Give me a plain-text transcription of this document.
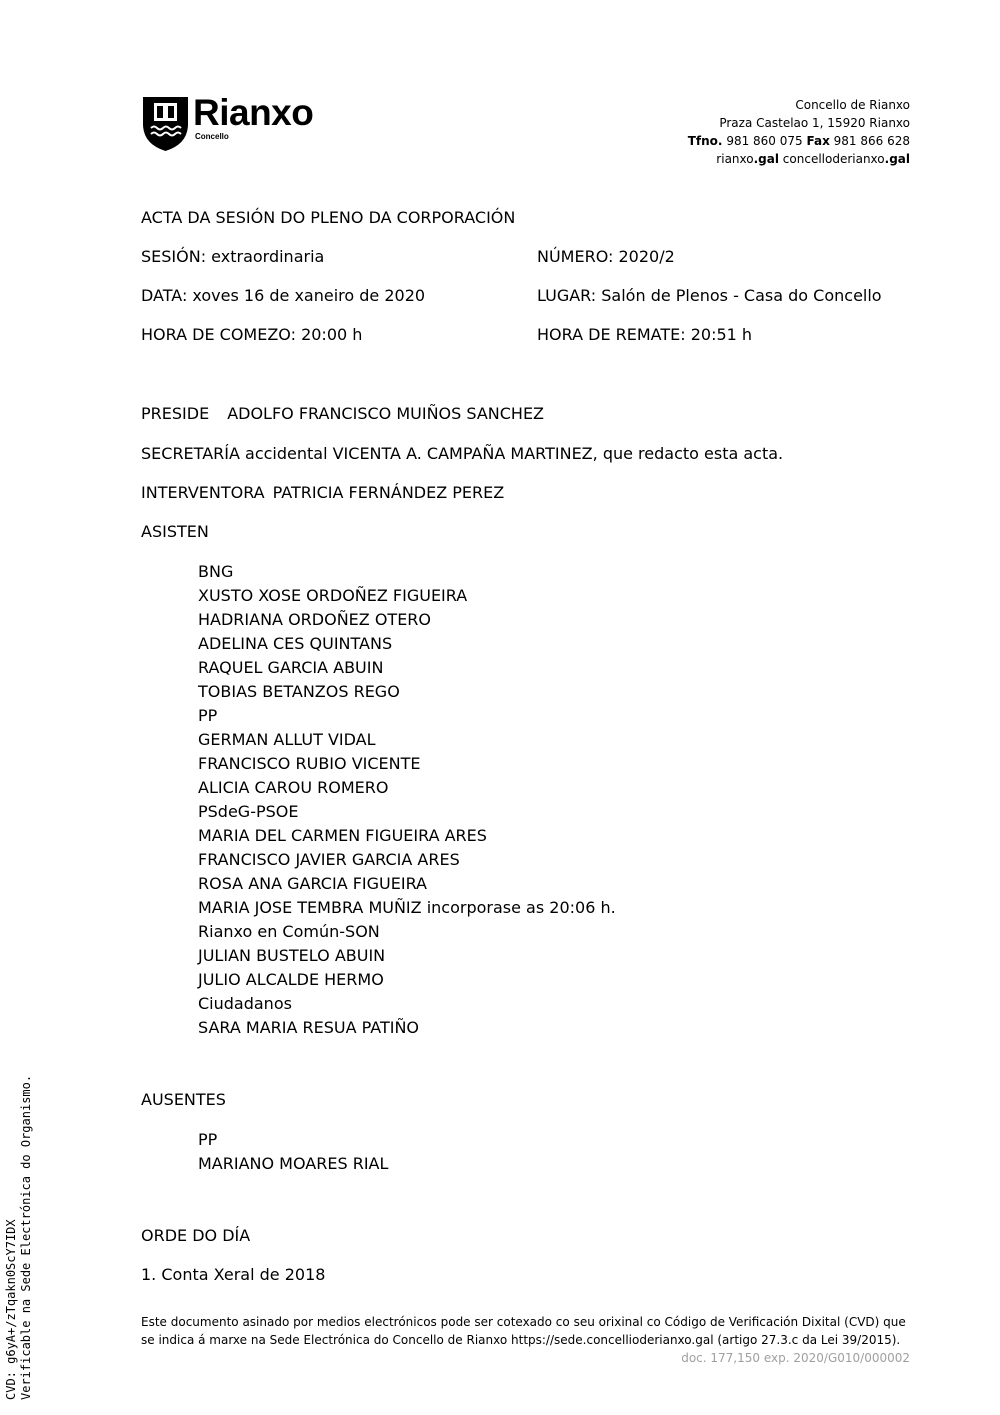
Rianxo
Concello
Concello de Rianxo
Praza Castelao 1, 15920 Rianxo
Tfno. 981 860 075 Fax 981 866 628
rianxo.gal concelloderianxo.gal
ACTA DA SESIÓN DO PLENO DA CORPORACIÓN
SESIÓN: extraordinaria	NÚMERO: 2020/2
DATA: xoves 16 de xaneiro de 2020	LUGAR: Salón de Plenos - Casa do Concello
HORA DE COMEZO: 20:00 h	HORA DE REMATE: 20:51 h
PRESIDE ADOLFO FRANCISCO MUIÑOS SANCHEZ
SECRETARÍA accidental VICENTA A. CAMPAÑA MARTINEZ, que redacto esta acta.
INTERVENTORA PATRICIA FERNÁNDEZ PEREZ
ASISTEN
BNG
XUSTO XOSE ORDOÑEZ FIGUEIRA
HADRIANA ORDOÑEZ OTERO
ADELINA CES QUINTANS
RAQUEL GARCIA ABUIN
TOBIAS BETANZOS REGO
PP
GERMAN ALLUT VIDAL
FRANCISCO RUBIO VICENTE
ALICIA CAROU ROMERO
PSdeG-PSOE
MARIA DEL CARMEN FIGUEIRA ARES
FRANCISCO JAVIER GARCIA ARES
ROSA ANA GARCIA FIGUEIRA
MARIA JOSE TEMBRA MUÑIZ incorporase as 20:06 h.
Rianxo en Común-SON
JULIAN BUSTELO ABUIN
JULIO ALCALDE HERMO
Ciudadanos
SARA MARIA RESUA PATIÑO
AUSENTES
PP
MARIANO MOARES RIAL
ORDE DO DÍA
1. Conta Xeral de 2018
Este documento asinado por medios electrónicos pode ser cotexado co seu orixinal co Código de Verificación Dixital (CVD) que se indica á marxe na Sede Electrónica do Concello de Rianxo https://sede.concellioderianxo.gal (artigo 27.3.c da Lei 39/2015).
doc. 177,150 exp. 2020/G010/000002
CVD: g6yA+/zTqakn0ScY7IDX Verificable na Sede Electrónica do Organismo.
